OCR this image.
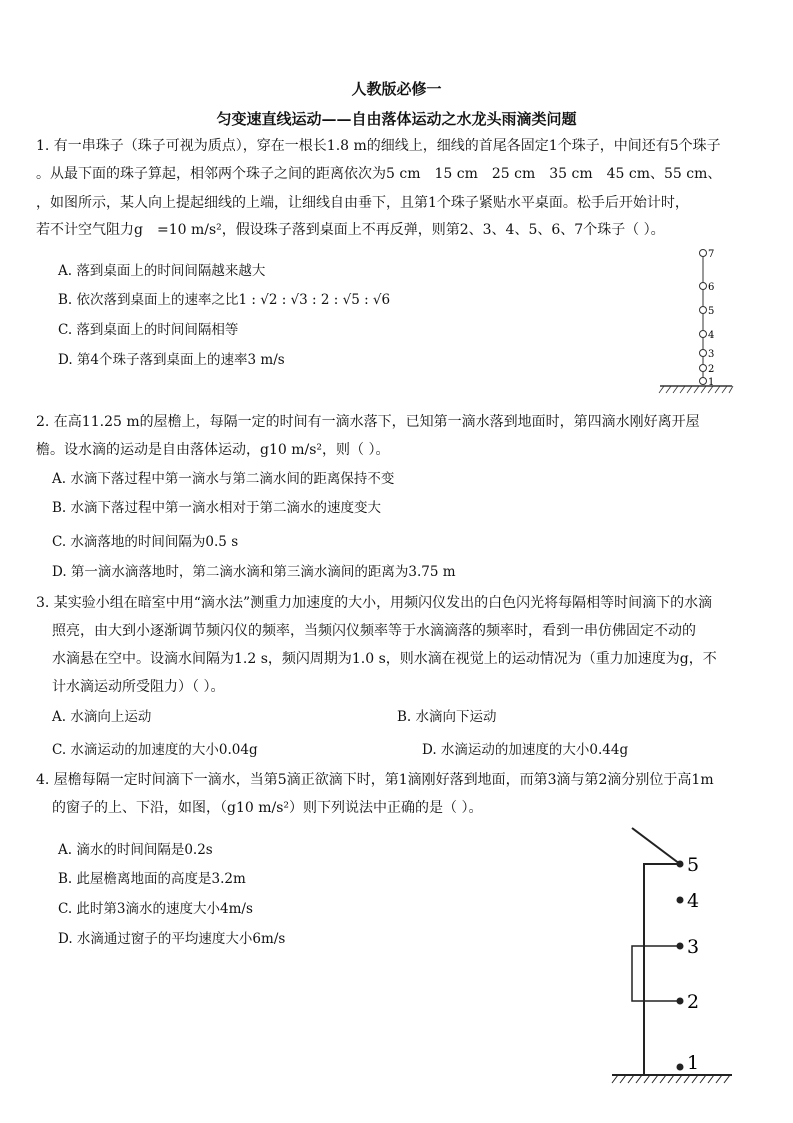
人教版必修一
匀变速直线运动——自由落体运动之水龙头雨滴类问题
1. 有一串珠子（珠子可视为质点），穿在一根长1.8 m的细线上，细线的首尾各固定1个珠子，中间还有5个珠子
。从最下面的珠子算起，相邻两个珠子之间的距离依次为5 cm　15 cm　25 cm　35 cm　45 cm、55 cm、
，如图所示，某人向上提起细线的上端，让细线自由垂下，且第1个珠子紧贴水平桌面。松手后开始计时，
若不计空气阻力g　=10 m/s²，假设珠子落到桌面上不再反弹，则第2、3、4、5、6、7个珠子（ ）。
A. 落到桌面上的时间间隔越来越大
B. 依次落到桌面上的速率之比1 : √2 : √3 : 2 : √5 : √6
C. 落到桌面上的时间间隔相等
D. 第4个珠子落到桌面上的速率3 m/s
7
6
5
4
3
2
1
2. 在高11.25 m的屋檐上，每隔一定的时间有一滴水落下，已知第一滴水落到地面时，第四滴水刚好离开屋
檐。设水滴的运动是自由落体运动，g10 m/s²，则（ ）。
A. 水滴下落过程中第一滴水与第二滴水间的距离保持不变
B. 水滴下落过程中第一滴水相对于第二滴水的速度变大
C. 水滴落地的时间间隔为0.5 s
D. 第一滴水滴落地时，第二滴水滴和第三滴水滴间的距离为3.75 m
3. 某实验小组在暗室中用“滴水法”测重力加速度的大小，用频闪仪发出的白色闪光将每隔相等时间滴下的水滴
照亮，由大到小逐渐调节频闪仪的频率，当频闪仪频率等于水滴滴落的频率时，看到一串仿佛固定不动的
水滴悬在空中。设滴水间隔为1.2 s，频闪周期为1.0 s，则水滴在视觉上的运动情况为（重力加速度为g，不
计水滴运动所受阻力）（ ）。
A. 水滴向上运动	B. 水滴向下运动
C. 水滴运动的加速度的大小0.04g	D. 水滴运动的加速度的大小0.44g
4. 屋檐每隔一定时间滴下一滴水，当第5滴正欲滴下时，第1滴刚好落到地面，而第3滴与第2滴分别位于高1m
的窗子的上、下沿，如图，（g10 m/s²）则下列说法中正确的是（ ）。
A. 滴水的时间间隔是0.2s
B. 此屋檐离地面的高度是3.2m
C. 此时第3滴水的速度大小4m/s
D. 水滴通过窗子的平均速度大小6m/s
5
4
3
2
1
